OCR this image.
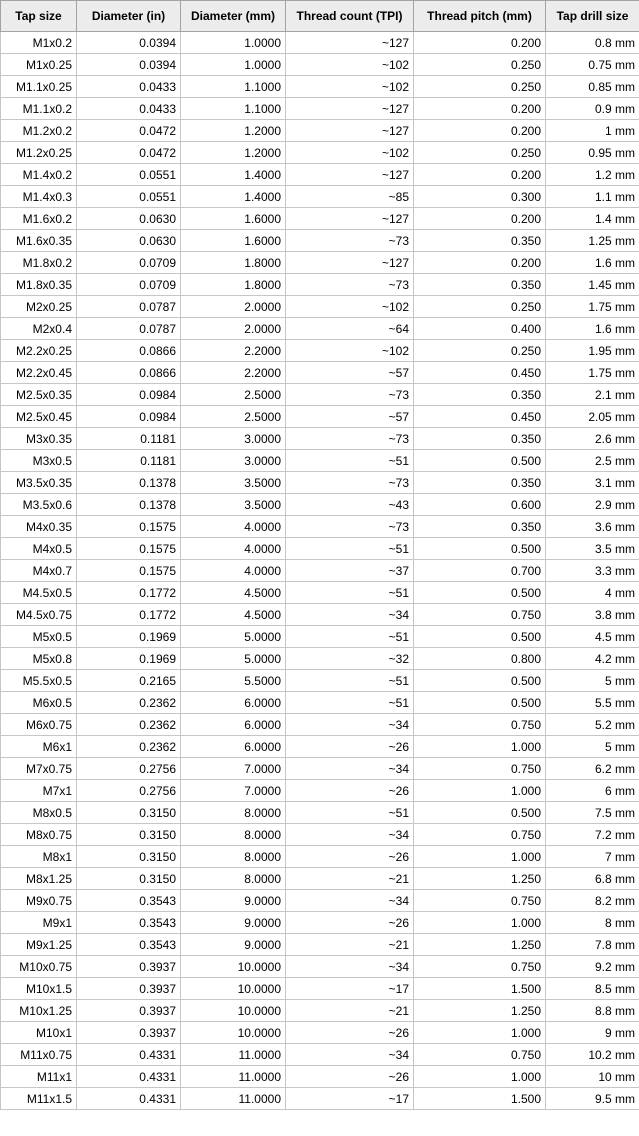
Tap size	Diameter (in)	Diameter (mm)	Thread count (TPI)	Thread pitch (mm)	Tap drill size
M1x0.2	0.0394	1.0000	~127	0.200	0.8 mm
M1x0.25	0.0394	1.0000	~102	0.250	0.75 mm
M1.1x0.25	0.0433	1.1000	~102	0.250	0.85 mm
M1.1x0.2	0.0433	1.1000	~127	0.200	0.9 mm
M1.2x0.2	0.0472	1.2000	~127	0.200	1 mm
M1.2x0.25	0.0472	1.2000	~102	0.250	0.95 mm
M1.4x0.2	0.0551	1.4000	~127	0.200	1.2 mm
M1.4x0.3	0.0551	1.4000	~85	0.300	1.1 mm
M1.6x0.2	0.0630	1.6000	~127	0.200	1.4 mm
M1.6x0.35	0.0630	1.6000	~73	0.350	1.25 mm
M1.8x0.2	0.0709	1.8000	~127	0.200	1.6 mm
M1.8x0.35	0.0709	1.8000	~73	0.350	1.45 mm
M2x0.25	0.0787	2.0000	~102	0.250	1.75 mm
M2x0.4	0.0787	2.0000	~64	0.400	1.6 mm
M2.2x0.25	0.0866	2.2000	~102	0.250	1.95 mm
M2.2x0.45	0.0866	2.2000	~57	0.450	1.75 mm
M2.5x0.35	0.0984	2.5000	~73	0.350	2.1 mm
M2.5x0.45	0.0984	2.5000	~57	0.450	2.05 mm
M3x0.35	0.1181	3.0000	~73	0.350	2.6 mm
M3x0.5	0.1181	3.0000	~51	0.500	2.5 mm
M3.5x0.35	0.1378	3.5000	~73	0.350	3.1 mm
M3.5x0.6	0.1378	3.5000	~43	0.600	2.9 mm
M4x0.35	0.1575	4.0000	~73	0.350	3.6 mm
M4x0.5	0.1575	4.0000	~51	0.500	3.5 mm
M4x0.7	0.1575	4.0000	~37	0.700	3.3 mm
M4.5x0.5	0.1772	4.5000	~51	0.500	4 mm
M4.5x0.75	0.1772	4.5000	~34	0.750	3.8 mm
M5x0.5	0.1969	5.0000	~51	0.500	4.5 mm
M5x0.8	0.1969	5.0000	~32	0.800	4.2 mm
M5.5x0.5	0.2165	5.5000	~51	0.500	5 mm
M6x0.5	0.2362	6.0000	~51	0.500	5.5 mm
M6x0.75	0.2362	6.0000	~34	0.750	5.2 mm
M6x1	0.2362	6.0000	~26	1.000	5 mm
M7x0.75	0.2756	7.0000	~34	0.750	6.2 mm
M7x1	0.2756	7.0000	~26	1.000	6 mm
M8x0.5	0.3150	8.0000	~51	0.500	7.5 mm
M8x0.75	0.3150	8.0000	~34	0.750	7.2 mm
M8x1	0.3150	8.0000	~26	1.000	7 mm
M8x1.25	0.3150	8.0000	~21	1.250	6.8 mm
M9x0.75	0.3543	9.0000	~34	0.750	8.2 mm
M9x1	0.3543	9.0000	~26	1.000	8 mm
M9x1.25	0.3543	9.0000	~21	1.250	7.8 mm
M10x0.75	0.3937	10.0000	~34	0.750	9.2 mm
M10x1.5	0.3937	10.0000	~17	1.500	8.5 mm
M10x1.25	0.3937	10.0000	~21	1.250	8.8 mm
M10x1	0.3937	10.0000	~26	1.000	9 mm
M11x0.75	0.4331	11.0000	~34	0.750	10.2 mm
M11x1	0.4331	11.0000	~26	1.000	10 mm
M11x1.5	0.4331	11.0000	~17	1.500	9.5 mm
